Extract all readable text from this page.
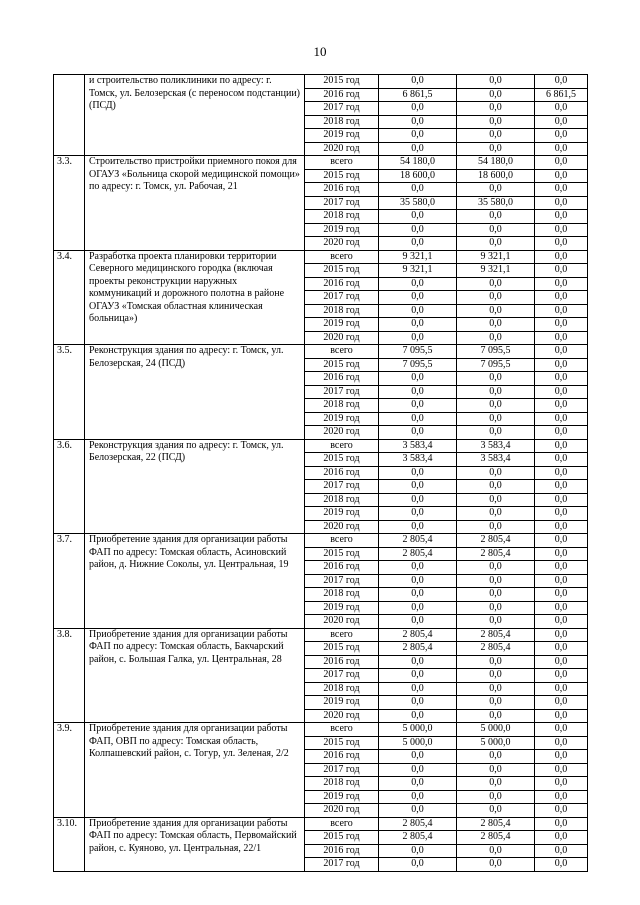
10
	и строительство поликлиники по адресу: г. Томск, ул. Белозерская (с переносом подстанции) (ПСД)	2015 год	0,0	0,0	0,0
		2016 год	6 861,5	0,0	6 861,5
		2017 год	0,0	0,0	0,0
		2018 год	0,0	0,0	0,0
		2019 год	0,0	0,0	0,0
		2020 год	0,0	0,0	0,0
3.3.	Строительство пристройки приемного покоя для ОГАУЗ «Больница скорой медицинской помощи» по адресу: г. Томск, ул. Рабочая, 21	всего	54 180,0	54 180,0	0,0
		2015 год	18 600,0	18 600,0	0,0
		2016 год	0,0	0,0	0,0
		2017 год	35 580,0	35 580,0	0,0
		2018 год	0,0	0,0	0,0
		2019 год	0,0	0,0	0,0
		2020 год	0,0	0,0	0,0
3.4.	Разработка проекта планировки территории Северного медицинского городка (включая проекты реконструкции наружных коммуникаций и дорожного полотна в районе ОГАУЗ «Томская областная клиническая больница»)	всего	9 321,1	9 321,1	0,0
		2015 год	9 321,1	9 321,1	0,0
		2016 год	0,0	0,0	0,0
		2017 год	0,0	0,0	0,0
		2018 год	0,0	0,0	0,0
		2019 год	0,0	0,0	0,0
		2020 год	0,0	0,0	0,0
3.5.	Реконструкция здания по адресу: г. Томск, ул. Белозерская, 24 (ПСД)	всего	7 095,5	7 095,5	0,0
		2015 год	7 095,5	7 095,5	0,0
		2016 год	0,0	0,0	0,0
		2017 год	0,0	0,0	0,0
		2018 год	0,0	0,0	0,0
		2019 год	0,0	0,0	0,0
		2020 год	0,0	0,0	0,0
3.6.	Реконструкция здания по адресу: г. Томск, ул. Белозерская, 22 (ПСД)	всего	3 583,4	3 583,4	0,0
		2015 год	3 583,4	3 583,4	0,0
		2016 год	0,0	0,0	0,0
		2017 год	0,0	0,0	0,0
		2018 год	0,0	0,0	0,0
		2019 год	0,0	0,0	0,0
		2020 год	0,0	0,0	0,0
3.7.	Приобретение здания для организации работы ФАП по адресу: Томская область, Асиновский район, д. Нижние Соколы, ул. Центральная, 19	всего	2 805,4	2 805,4	0,0
		2015 год	2 805,4	2 805,4	0,0
		2016 год	0,0	0,0	0,0
		2017 год	0,0	0,0	0,0
		2018 год	0,0	0,0	0,0
		2019 год	0,0	0,0	0,0
		2020 год	0,0	0,0	0,0
3.8.	Приобретение здания для организации работы ФАП по адресу: Томская область, Бакчарский район, с. Большая Галка, ул. Центральная, 28	всего	2 805,4	2 805,4	0,0
		2015 год	2 805,4	2 805,4	0,0
		2016 год	0,0	0,0	0,0
		2017 год	0,0	0,0	0,0
		2018 год	0,0	0,0	0,0
		2019 год	0,0	0,0	0,0
		2020 год	0,0	0,0	0,0
3.9.	Приобретение здания для организации работы ФАП, ОВП по адресу: Томская область, Колпашевский район, с. Тогур, ул. Зеленая, 2/2	всего	5 000,0	5 000,0	0,0
		2015 год	5 000,0	5 000,0	0,0
		2016 год	0,0	0,0	0,0
		2017 год	0,0	0,0	0,0
		2018 год	0,0	0,0	0,0
		2019 год	0,0	0,0	0,0
		2020 год	0,0	0,0	0,0
3.10.	Приобретение здания для организации работы ФАП по адресу: Томская область, Первомайский район, с. Куяново, ул. Центральная, 22/1	всего	2 805,4	2 805,4	0,0
		2015 год	2 805,4	2 805,4	0,0
		2016 год	0,0	0,0	0,0
		2017 год	0,0	0,0	0,0
